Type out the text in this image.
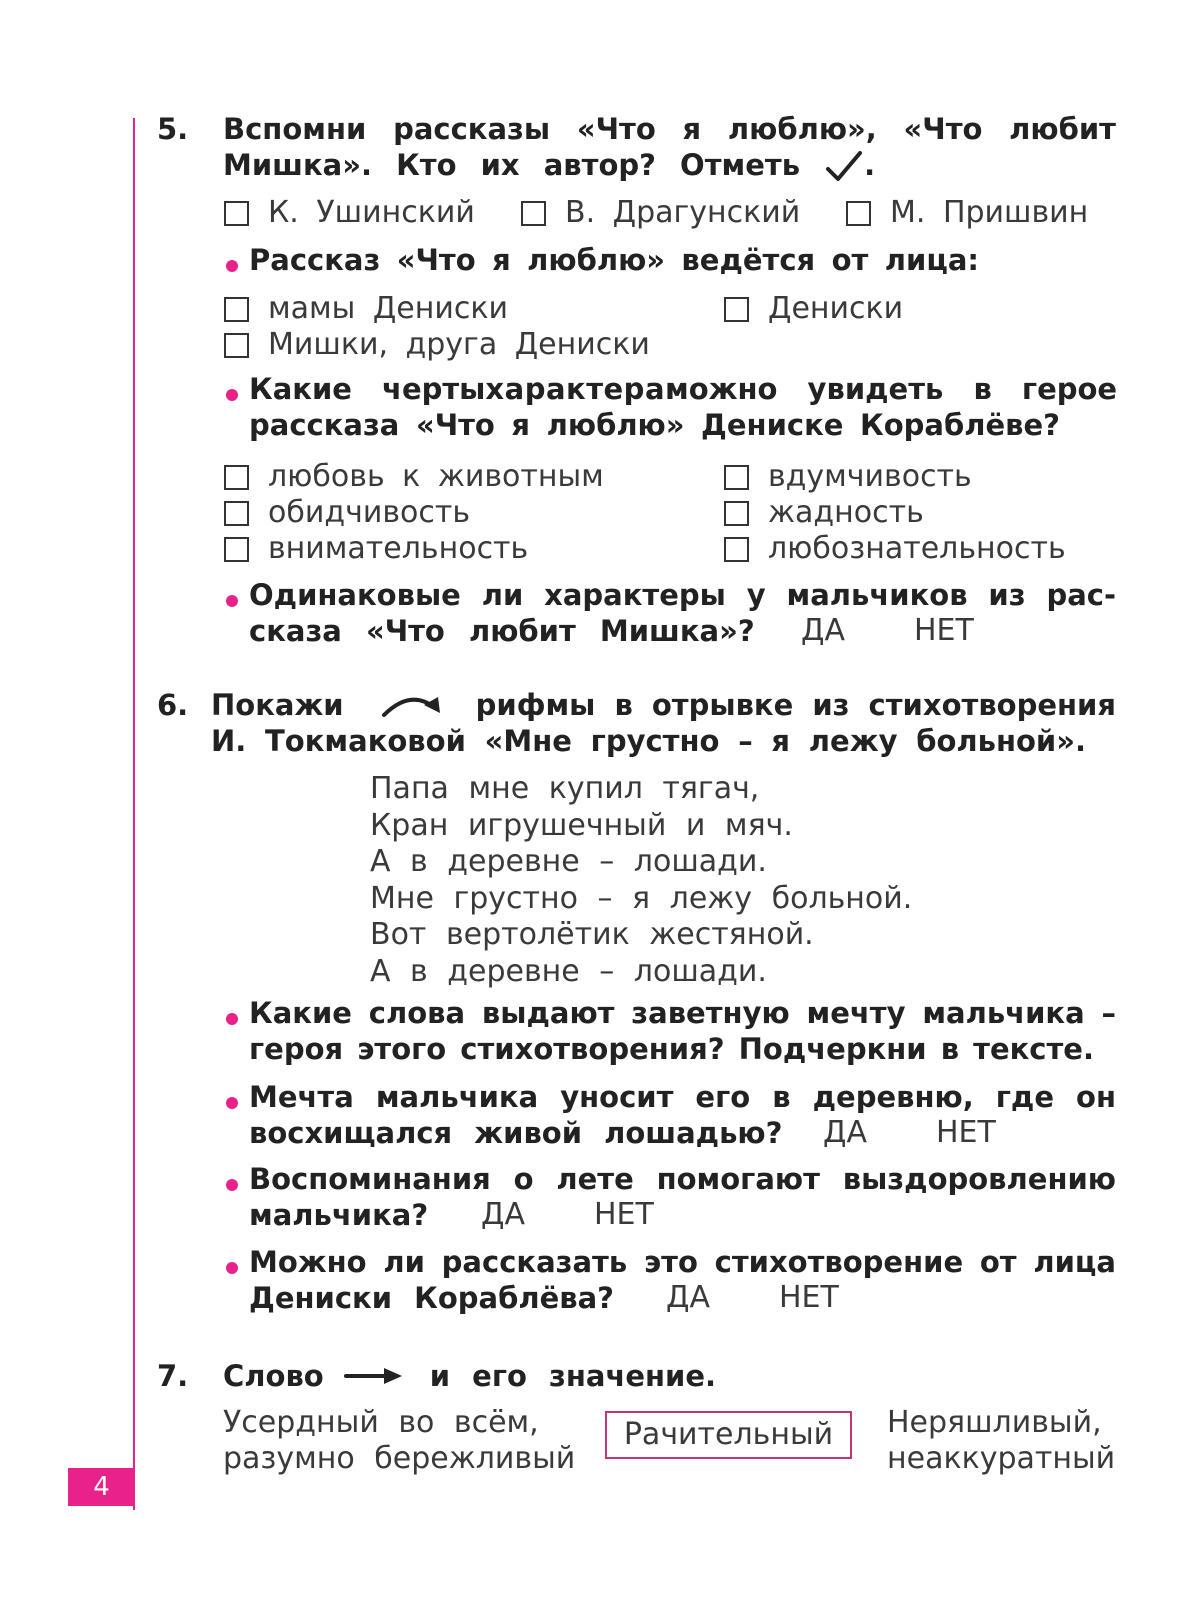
4
5. Вспомни рассказы «Что я люблю», «Что любит
Мишка». Кто их автор? Отметь .
К. Ушинский	В. Драгунский	М. Пришвин
Рассказ «Что я люблю» ведётся от лица:
мамы Дениски	Дениски
Мишки, друга Дениски
Какие черты характера можно увидеть в герое
рассказа «Что я люблю» Дениске Кораблёве?
любовь к животным	вдумчивость
обидчивость	жадность
внимательность	любознательность
Одинаковые ли характеры у мальчиков из рас-
сказа «Что любит Мишка»? ДА НЕТ
6. Покажи	рифмы в отрывке из стихотворения
И. Токмаковой «Мне грустно – я лежу больной».
Папа мне купил тягач,
Кран игрушечный и мяч.
А в деревне – лошади.
Мне грустно – я лежу больной.
Вот вертолётик жестяной.
А в деревне – лошади.
Какие слова выдают заветную мечту мальчика –
героя этого стихотворения? Подчеркни в тексте.
Мечта мальчика уносит его в деревню, где он
восхищался живой лошадью? ДА НЕТ
Воспоминания о лете помогают выздоровлению
мальчика?	ДА НЕТ
Можно ли рассказать это стихотворение от лица
Дениски Кораблёва?	ДА НЕТ
7. Слово	и его значение.
Усердный во всём,
разумно бережливый
Рачительный	Неряшливый,
неаккуратный
